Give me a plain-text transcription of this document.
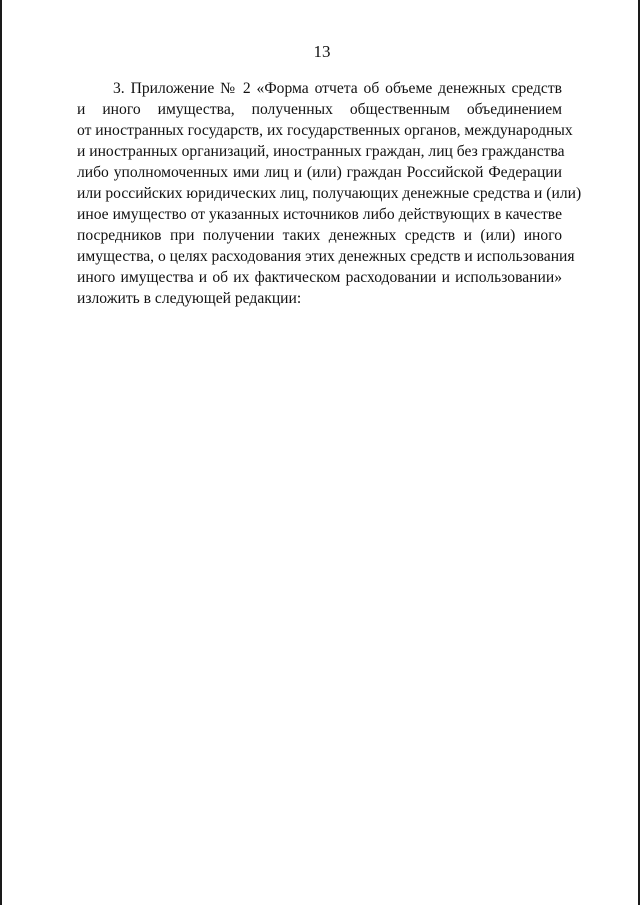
13
3. Приложение № 2 «Форма отчета об объеме денежных средств
и иного имущества, полученных общественным объединением
от иностранных государств, их государственных органов, международных
и иностранных организаций, иностранных граждан, лиц без гражданства
либо уполномоченных ими лиц и (или) граждан Российской Федерации
или российских юридических лиц, получающих денежные средства и (или)
иное имущество от указанных источников либо действующих в качестве
посредников при получении таких денежных средств и (или) иного
имущества, о целях расходования этих денежных средств и использования
иного имущества и об их фактическом расходовании и использовании»
изложить в следующей редакции:
